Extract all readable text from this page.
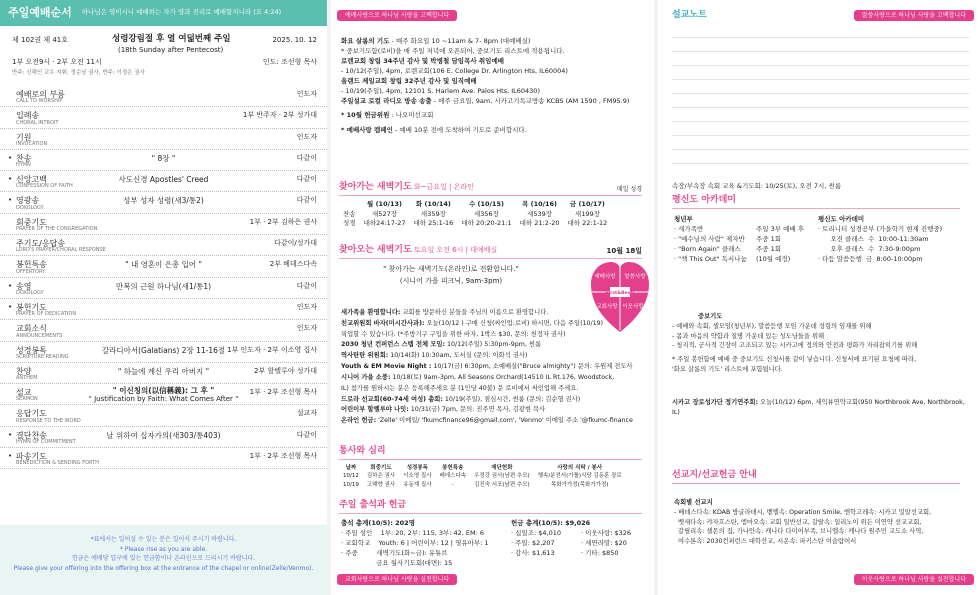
주일예배순서 하나님은 영이시니 예배하는 자가 영과 진리로 예배할지니라 (요 4:24)
제 102권 제 41호	성령강림절 후 열 여덟번째 주일	2025. 10. 12
(18th Sunday after Pentecost)
1부 오전9시 · 2부 오전 11시	인도: 조선형 목사
반주: 신해인 교우 지휘: 정순남 권사, 반주: 이정은 권사
예배로의 부름
CALL TO WORSHIP
인도자
입례송
CHORAL INTROIT
1부 반주자 · 2부 성가대
기원
INVOCATION
인도자
• 찬송
HYMN
" 8장 "	다같이
• 신앙고백
CONFESSION OF FAITH
사도신경 Apostles' Creed	다같이
• 영광송
DOXOLOGY
성부 성자 성령(새3/통2)	다같이
회중기도
PRAYER OF THE CONGREGATION
1부 · 2부 김하은 권사
주기도/응답송
LORD'S PRAYER/CHORAL RESPONSE
다같이/성가대
봉헌특송
OFFERTORY
" 내 영혼이 은총 입어 "	2부 베데스다속
• 송영
DOXOLOGY
만복의 근원 하나님(새1/통1)	다같이
• 봉헌기도
PRAYER OF DEDICATION
인도자
교회소식
ANNOUNCEMENTS
인도자
성경봉독
SCRIPTURE READING
갈라디아서(Galatians) 2장 11-16절 1부 인도자 · 2부 이소영 집사
찬양
ANTHEM
" 하늘에 계신 우리 아버지 "	2부 할렐루야 성가대
설교
SERMON
" 이신칭의(以信稱義): 그 후 "
" Justification by Faith: What Comes After "
1부 · 2부 조선형 목사
응답기도
RESPONSE TO THE WORD
설교자
• 결단찬송
HYMN OF COMMITMENT
날 위하여 십자가의(새303/통403)	다같이
• 파송기도
BENEDICTION & SENDING FORTH
1부 · 2부 조선형 목사
*표에서는 일어설 수 있는 분은 일어서 주시기 바랍니다.
* Please rise as you are able.
헌금은 예배당 입구에 있는 헌금함이나 온라인으로 드리시기 바랍니다.
Please give your offering into the offering box at the entrance of the chapel or online(Zelle/Venmo).
예배사랑으로 하나님 사랑을 고백합니다
화요 살롬의 기도 - 매주 화요일 10 ~11am & 7- 8pm (대예배실)
* 중보기도함(로비)을 매 주일 저녁에 오픈되어, 중보기도 리스트에 적용됩니다.
로렌교회 창립 34주년 감사 및 박병철 담임목사 취임예배
- 10/12(주일), 4pm, 로렌교회(106 E. College Dr. Arlington Hts, IL60004)
올랜드 제일교회 창립 32주년 감사 및 임직예배
- 10/19(주일), 4pm, 12101 S. Harlem Ave. Palos Hts, IL60430)
주일설교 로컬 라디오 방송 송출 - 매주 금요일, 9am, 시카고기독교방송 KCBS (AM 1590 , FM95.9)
* 10월 헌금위원 : 나오미선교회
* 예배사랑 캠페인 - 예배 10분 전에 도착하여 기도로 준비합시다.
찾아가는 새벽기도 화~금요일 | 온라인	매일 성경
	월 (10/13)	화 (10/14)	수 (10/15)	목 (10/16)	금 (10/17)
찬송	새527장	새359장	새356장	새539장	새199장
성경	대하24:17-27	대하 25:1-16	대하 20:20-21:1	대하 21:2-20	대하 22:1-12
찾아오는 새벽기도 토요일 오전 6시 | 대예배실	10월 18일
" 찾아가는 새벽기도(온라인)로 전환합니다."
(시니어 가을 피크닉, 9am-3pm)
예배사랑 말씀사랑
교회사랑 이웃사랑
First&Best!
새가족을 환영합니다: 교회를 방문하신 분들을 주님의 이름으로 환영합니다.
친교위원회 바자(미시간사과): 오늘(10/12 ) 구매 신청(싸인업:로비) 하시면, 다음 주일(10/19)
픽업할 수 있습니다. (*주방기구 구입을 위한 바자, 1박스 $30, 문의: 천정자 권사)
2030 청년 컨퍼런스 스텝 전체 모임: 10/12(주일) 5:30pm-9pm, 썬룸
역사탄탄 위원회: 10/14(화) 10:30am, 도서실 (문의: 이화석 권사)
Youth & EM Movie Night : 10/17(금) 6:30pm, 소예배실("Bruce almighty") 문의: 우원제 전도사
시니어 가을 소풍: 10/18(토) 9am-3pm, All Seasons Orchard(14510 IL Rt.176, Woodstock,
IL) 참가를 원하시는 분은 등록해주세요 분 (1인당 40불) 문 로비에서 싸인업해 주세요.
드로라 선교회(60-74세 여성) 총회: 10/19(주일), 점심시간, 썬룸 (문의: 김순형 권사)
어린이부 할렐루야 나잇: 10/31(금) 7pm, 문의: 진주연 목사, 김광현 목사
온라인 헌금: 'Zelle' 이메일/ 'fkumcfinance96@gmail.com', 'Venmo' 이메일 주소 '@fkumc-finance
통사와 심리
날짜	회중기도	성경봉독	봉헌특송	재단헌화	사랑의 식탁 / 봉사
10/12	김하은 권사	이소영 집사	베데스다속	우정강 권사(남편 추모)	행속/분전서(가톨)식당 김동훈 장로
10/19	고해향 권사	유동재 집사	-	김진숙 서포(남편 추모)	목화가가정(목화가가정)
주일 출석과 헌금
출석 총계(10/5): 202명
· 주일 성인    1부: 20, 2부: 115, 3부: 42, EM: 6
· 교회학교    Youth: 6 | 어린이부: 12 | 영유아부: 1
· 주중         새벽기도(화~금): 유튜브
금요 월사기도회(대면): 15
헌금 총계(10/5): $9,026
· 십일조: $4,010	· 이웃사랑: $326
· 주일: $2,207	· 세연라말: $20
· 감사: $1,613	· 기타: $850
교회사랑으로 하나님 사랑을 실천합니다
설교노트	말씀사랑으로 하나님 사랑을 고백합니다
속장/부속장 속회 교육 &기도회: 10/25(토), 오전 7시, 썬룸
평신도 아카데미
청년부
· 새가족반	주일 3부 예배 후
· "예수님의 사람" 제자반	주중 1회
· "Born Again" 클래스	주중 1회
· "책 This Out" 독서나눔	(10월 예정)
평신도 아카데미
· 트리니티 성경공부 (가을학기 현재 진행중)
오전 클래스  수  10:00-11:30am
오후 클래스  수  7:30-9:00pm
· 다듬 말씀듣행  금  8:00-10:00pm
중보기도
- 예배와 속회, 셀모임(청년부), 말씀듣행 모임 가운데 성령의 임재를 위해
- 몸과 마음의 약함과 질병 가운데 있는 성도님들을 위해
- 청지적, 군사적 긴장이 고조되고 있는 시카고에 정의와 안전과 평화가 자리잡히기를 위해
* 주일 봉헌함에 예배 중 중보기도 신청서를 같이 넣습니다. 신청서에 표기된 요청에 따라,
'화요 살롬의 기도' 리스트에 포함됩니다.
시카고 장로성가단 정기연주회: 오늘(10/12) 6pm, 세익뷰연약교회(950 Northbrook Ave, Northbrook, IL)
선교지/선교헌금 안내
속회별 선교지
- 베데스다속: KDAB 방글라데시, 벧엘속: Operation Smile, 엔학고레속: 시카고 밀알선교회,
벳새다속: 캬자흐스탄, 엠마오속: 교회 일반선교, 갈랄속: 일리노이 위든 미연약 선교교회,
갈릴리속: 셀몬의 집, 가나안속: 캐나다 다미어부족, 브니엘속: 캐나다 원주민 교도소 사역,
여수론속: 2030컨퍼런스 대학선교, 시온속: 파키스탄 이슬람어서
이웃사랑으로 하나님 사랑을 실천합니다
